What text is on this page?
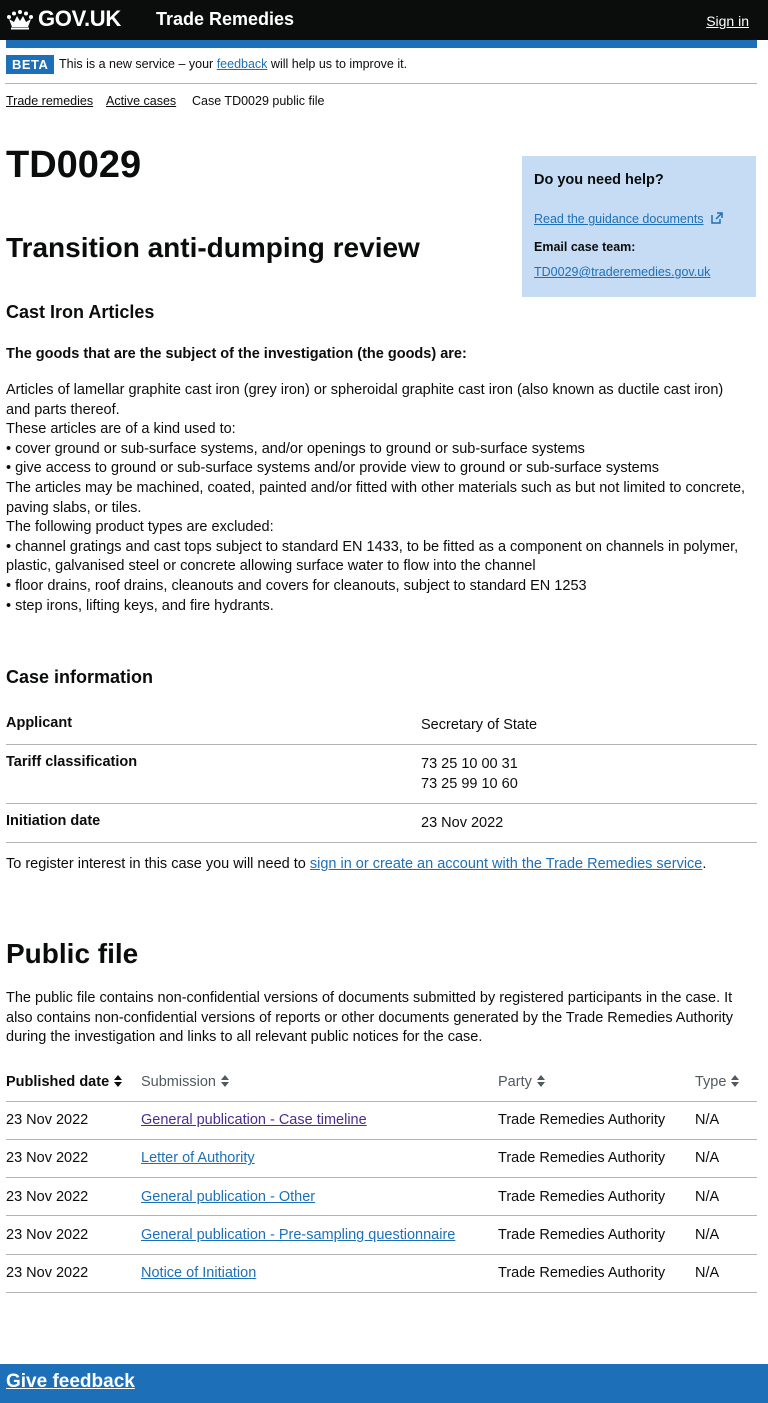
GOV.UK Trade Remedies	Sign in
BETA This is a new service – your feedback will help us to improve it.
Trade remedies Active cases Case TD0029 public file
TD0029
Transition anti-dumping review
Cast Iron Articles

The goods that are the subject of the investigation (the goods) are:

Articles of lamellar graphite cast iron (grey iron) or spheroidal graphite cast iron (also known as ductile cast iron) and parts thereof.
These articles are of a kind used to:
• cover ground or sub-surface systems, and/or openings to ground or sub-surface systems
• give access to ground or sub-surface systems and/or provide view to ground or sub-surface systems
The articles may be machined, coated, painted and/or fitted with other materials such as but not limited to concrete, paving slabs, or tiles.
The following product types are excluded:
• channel gratings and cast tops subject to standard EN 1433, to be fitted as a component on channels in polymer, plastic, galvanised steel or concrete allowing surface water to flow into the channel
• floor drains, roof drains, cleanouts and covers for cleanouts, subject to standard EN 1253
• step irons, lifting keys, and fire hydrants.
Do you need help?
Read the guidance documents
Email case team:
TD0029@traderemedies.gov.uk
Case information
Applicant	Secretary of State
Tariff classification	73 25 10 00 31
73 25 99 10 60
Initiation date	23 Nov 2022

To register interest in this case you will need to sign in or create an account with the Trade Remedies service.

Public file

The public file contains non-confidential versions of documents submitted by registered participants in the case. It also contains non-confidential versions of reports or other documents generated by the Trade Remedies Authority during the investigation and links to all relevant public notices for the case.

Published date	Submission	Party	Type
23 Nov 2022	General publication - Case timeline	Trade Remedies Authority	N/A
23 Nov 2022	Letter of Authority	Trade Remedies Authority	N/A
23 Nov 2022	General publication - Other	Trade Remedies Authority	N/A
23 Nov 2022	General publication - Pre-sampling questionnaire	Trade Remedies Authority	N/A
23 Nov 2022	Notice of Initiation	Trade Remedies Authority	N/A
Give feedback
